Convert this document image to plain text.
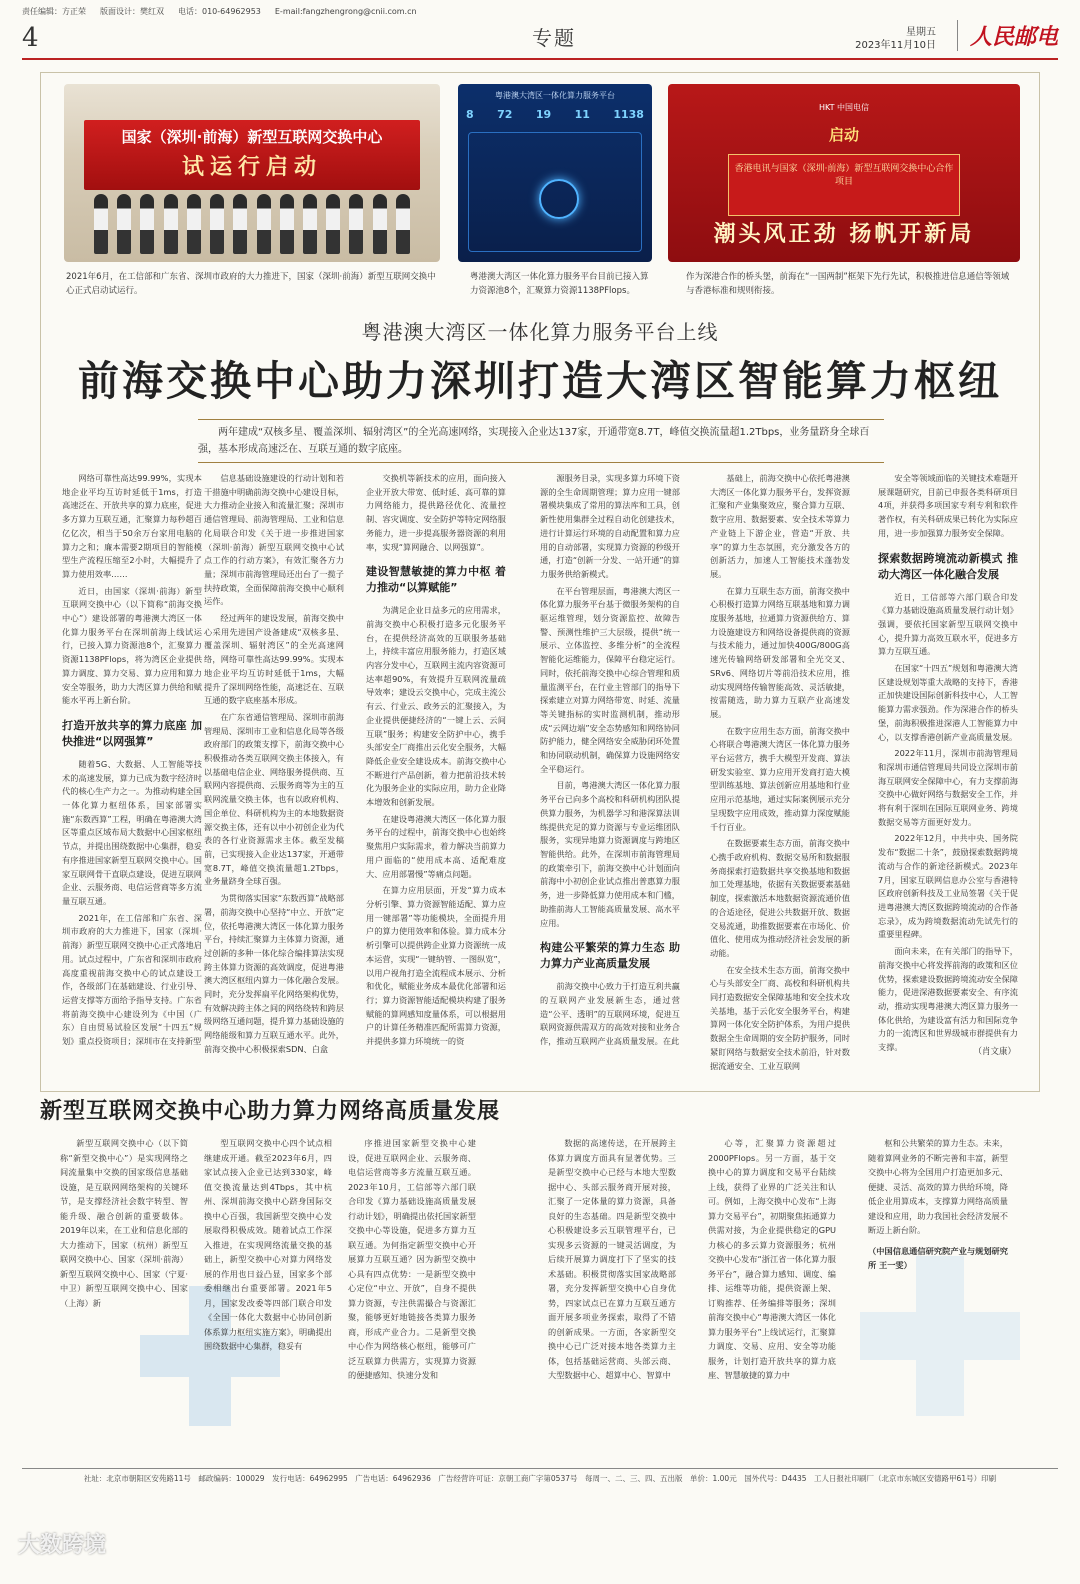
责任编辑：方正荣 版面设计：樊红双 电话：010-64962953 E-mail:fangzhengrong@cnii.com.cn
4	专题	星期五
2023年11月10日	人民邮电
国家（深圳·前海）新型互联网交换中心
试运行启动
粤港澳大湾区一体化算力服务平台
8 72 19 11 1138
HKT 中国电信
启动
香港电讯与国家（深圳·前海）新型互联网交换中心合作项目
潮头风正劲 扬帆开新局
2021年6月，在工信部和广东省、深圳市政府的大力推进下，国家（深圳·前海）新型互联网交换中心正式启动试运行。
粤港澳大湾区一体化算力服务平台目前已接入算力资源池8个，汇聚算力资源1138PFlops。
作为深港合作的桥头堡，前海在“一国两制”框架下先行先试，积极推进信息通信等领域与香港标准和规则衔接。
粤港澳大湾区一体化算力服务平台上线
前海交换中心助力深圳打造大湾区智能算力枢纽
两年建成“双核多星、覆盖深圳、辐射湾区”的全光高速网络，实现接入企业达137家，开通带宽8.7T，峰值交换流量超1.2Tbps，业务量跻身全球百强，基本形成高速泛在、互联互通的数字底座。

网络可靠性高达99.99%，实现本地企业平均互访时延低于1ms，打造高速泛在、开放共享的算力底座，促进多方算力互联互通，汇聚算力每秒超百亿亿次，相当于50余万台家用电脑的算力之和；廉本需要2期项目的智能模型生产流程压缩至2小时，大幅提升了算力使用效率……

近日，由国家（深圳·前海）新型互联网交换中心（以下简称“前海交换中心”）建设部署的粤港澳大湾区一体化算力服务平台在深圳前海上线试运行，已接入算力资源池8个，汇聚算力资源1138PFlops，将为湾区企业提供算力调度、算力交易、算力应用和算力安全等服务，助力大湾区算力供给和赋能水平再上新台阶。

打造开放共享的算力底座 加快推进“以网强算”

随着5G、大数据、人工智能等技术的高速发展，算力已成为数字经济时代的核心生产力之一。为推动构建全国一体化算力枢纽体系，国家部署实施“东数西算”工程，明确在粤港澳大湾区等重点区域布局大数据中心国家枢纽节点，并提出围绕数据中心集群，稳妥有序推进国家新型互联网交换中心。国家互联网骨干直联点建设，促进互联网企业、云服务商、电信运营商等多方流量互联互通。

2021年，在工信部和广东省、深圳市政府的大力推进下，国家（深圳·前海）新型互联网交换中心正式落地启用。试点过程中，广东省和深圳市政府高度重视前海交换中心的试点建设工作，各级部门在基础建设、行业引导、运营支撑等方面给予指导支持。广东省将前海交换中心建设列为《中国（广东）自由贸易试验区发展“十四五”规划》重点投资项目；深圳市在支持新型

信息基础设施建设的行动计划和若干措施中明确前海交换中心建设目标，大力推动企业接入和流量汇聚；深圳市通信管理局、前海管理局、工业和信息化局联合印发《关于进一步推进国家（深圳·前海）新型互联网交换中心试点工作的行动方案》，有效汇聚各方力量；深圳市前海管理局还出台了一揽子扶持政策，全面保障前海交换中心顺利运作。

经过两年的建设发展，前海交换中心采用先进国产设备建成“双核多星、覆盖深圳、辐射湾区”的全光高速网络，网络可靠性高达99.99%。实现本地企业平均互访时延低于1ms，大幅提升了深圳网络性能，高速泛在、互联互通的数字底座基本形成。

在广东省通信管理局、深圳市前海管理局、深圳市工业和信息化局等各级政府部门的政策支撑下，前海交换中心积极推动各类互联网交换主体接入，有以基础电信企业、网络服务提供商、互联网内容提供商、云服务商等为主的互联网流量交换主体，也有以政府机构、国企单位、科研机构为主的本地数据资源交换主体，还有以中小初创企业为代表的各行业资源需求主体。截至发稿前，已实现接入企业达137家，开通带宽8.7T，峰值交换流量超1.2Tbps，业务量跻身全球百强。

为贯彻落实国家“东数西算”战略部署，前海交换中心坚持“中立、开放”定位，依托粤港澳大湾区一体化算力服务平台，持续汇聚算力主体算力资源，通过创新的多种一体化综合编排算法实现跨主体算力资源的高效调度，促进粤港澳大湾区枢纽内算力一体化融合发展。同时，充分发挥扁平化网络架构优势，有效解决跨主体之间的网络绕转和跨层级网络互通问题，提升算力基础设施的网络能级和算力互联互通水平。此外，前海交换中心积极探索SDN、白盒

交换机等新技术的应用，面向接入企业开放大带宽、低时延、高可靠的算力网络能力，提供路径优化、流量控制、容灾调度、安全防护等特定网络服务能力，进一步提高服务器资源的利用率，实现“算网融合、以网强算”。

建设智慧敏捷的算力中枢 着力推动“以算赋能”

为满足企业日益多元的应用需求，前海交换中心积极打造多元化服务平台，在提供经济高效的互联服务基础上，持续丰富应用服务能力，打造区域内容分发中心，互联网主流内容资源可达率超90%，有效提升互联网流量疏导效率；建设云交换中心，完成主流公有云、行业云、政务云的汇聚接入，为企业提供便捷经济的“一键上云、云间互联”服务；构建安全防护中心，携手头部安全厂商推出云化安全服务，大幅降低企业安全建设成本。前海交换中心不断进行产品创新，着力把前沿技术转化为服务企业的实际应用，助力企业降本增效和创新发展。

在建设粤港澳大湾区一体化算力服务平台的过程中，前海交换中心也始终聚焦用户实际需求，着力解决当前算力用户面临的“使用成本高、适配难度大、应用部署慢”等痛点问题。

在算力应用层面，开发“算力成本分析引擎、算力资源智能适配、算力应用一键部署”等功能模块，全面提升用户的算力使用效率和体验。算力成本分析引擎可以提供跨企业算力资源统一成本运营，实现“一键纳管、一图纵览”，以用户视角打造全流程成本展示、分析和优化，赋能业务成本最优化部署和运行；算力资源智能适配模块构建了服务赋能的算网感知度量体系，可以根据用户的计算任务精准匹配所需算力资源，并提供多算力环境统一的资

源服务目录，实现多算力环境下资源的全生命周期管理；算力应用一键部署模块集成了常用的算法库和工具，创新性使用集群全过程自动化创建技术，进行计算运行环境的自动配置和算力应用的自动部署，实现算力资源的秒级开通，打造“创新一分发、一站开通”的算力服务供给新模式。

在平台管理层面，粤港澳大湾区一体化算力服务平台基于微服务架构的自驱运维管理，划分资源监控、故障告警、预测性维护三大层级，提供“统一展示、立体监控、多维分析”的全流程智能化运维能力，保障平台稳定运行。同时，依托前海交换中心综合管理和质量监测平台，在行业主管部门的指导下探索建立对算力网络带宽、时延、流量等关键指标的实时监测机制，推动形成“云网边端”安全态势感知和网络协同防护能力，健全网络安全威胁闭环处置和协同联动机制，确保算力设施网络安全平稳运行。

目前，粤港澳大湾区一体化算力服务平台已向多个高校和科研机构团队提供算力服务，为机器学习和港深算法训练提供充足的算力资源与专业运维团队服务，实现异地算力资源调度与跨地区智能供给。此外，在深圳市前海管理局的政策牵引下，前海交换中心计划面向前海中小初创企业试点推出普惠算力服务，进一步降低算力使用成本和门槛，助推前海人工智能高质量发展、高水平应用。

构建公平繁荣的算力生态 助力算力产业高质量发展

前海交换中心致力于打造互利共赢的互联网产业发展新生态，通过营造“公平、透明”的互联网环境，促进互联网资源供需双方的高效对接和业务合作，推动互联网产业高质量发展。在此

基础上，前海交换中心依托粤港澳大湾区一体化算力服务平台，发挥资源汇聚和产业集聚效应，聚合算力互联、数字应用、数据要素、安全技术等算力产业链上下游企业，营造“开放、共享”的算力生态氛围，充分激发各方的创新活力，加速人工智能技术蓬勃发展。

在算力互联生态方面，前海交换中心积极打造算力网络互联基地和算力调度服务基地，拉通算力资源供给方、算力设施建设方和网络设备提供商的资源与技术能力，通过加快400G/800G高速光传输网络研发部署和全光交叉、SRv6、网络切片等前沿技术应用，推动实现网络传输智能高效、灵活敏捷，按需随选，助力算力互联产业高速发展。

在数字应用生态方面，前海交换中心将联合粤港澳大湾区一体化算力服务平台运营方，携手大模型开发商、算法研发实验室、算力应用开发商打造大模型训练基地、算法创新应用基地和行业应用示范基地，通过实际案例展示充分呈现数字应用成效，推动算力深度赋能千行百业。

在数据要素生态方面，前海交换中心携手政府机构、数据交易所和数据服务商探索打造数据共享交换基地和数据加工处理基地，依据有关数据要素基础制度，探索激活本地数据资源流通价值的合适途径，促进公共数据开放、数据交易流通，助推数据要素在市场化、价值化、使用成为推动经济社会发展的新动能。

在安全技术生态方面，前海交换中心与头部安全厂商、高校和科研机构共同打造数据安全保障基地和安全技术攻关基地，基于云化安全服务平台，构建算网一体化安全防护体系，为用户提供数据全生命周期的安全防护服务，同时紧盯网络与数据安全技术前沿，针对数据流通安全、工业互联网

安全等领域面临的关键技术难题开展课题研究，目前已申报各类科研项目4项，并获得多项国家专利专利和软件著作权，有关科研成果已转化为实际应用，进一步加强算力服务安全保障。

探索数据跨境流动新模式 推动大湾区一体化融合发展

近日，工信部等六部门联合印发《算力基础设施高质量发展行动计划》强调，要依托国家新型互联网交换中心，提升算力高效互联水平，促进多方算力互联互通。

在国家“十四五”规划和粤港澳大湾区建设规划等重大战略的支持下，香港正加快建设国际创新科技中心，人工智能算力需求强劲。作为深港合作的桥头堡，前海积极推进深港人工智能算力中心，以支撑香港创新产业高质量发展。

2022年11月，深圳市前海管理局和深圳市通信管理局共同设立深圳市前海互联网安全保障中心，有力支撑前海交换中心做好网络与数据安全工作，并将有利于深圳在国际互联网业务、跨境数据交易等方面更好发力。

2022年12月，中共中央、国务院发布“数据二十条”，鼓励探索数据跨境流动与合作的新途径新模式。2023年7月，国家互联网信息办公室与香港特区政府创新科技及工业局签署《关于促进粤港澳大湾区数据跨境流动的合作备忘录》，成为跨境数据流动先试先行的重要里程碑。

面向未来，在有关部门的指导下，前海交换中心将发挥前海的政策和区位优势，探索建设数据跨境流动安全保障能力，促进深港数据要素安全、有序流动，推动实现粤港澳大湾区算力服务一体化供给，为建设富有活力和国际竞争力的一流湾区和世界级城市群提供有力支撑。

（肖文康）
新型互联网交换中心助力算力网络高质量发展

新型互联网交换中心（以下简称“新型交换中心”）是实现网络之间流量集中交换的国家级信息基础设施，是互联网网络架构的关键环节，是支撑经济社会数字转型、智能升级、融合创新的重要载体。2019年以来，在工业和信息化部的大力推动下，国家（杭州）新型互联网交换中心、国家（深圳·前海）新型互联网交换中心、国家（宁夏·中卫）新型互联网交换中心、国家（上海）新

型互联网交换中心四个试点相继建成开通。截至2023年6月，四家试点接入企业已达到330家，峰值交换流量达到4Tbps，其中杭州、深圳前海交换中心跻身国际交换中心百强，我国新型交换中心发展取得积极成效。随着试点工作深入推进，在实现网络流量交换的基础上，新型交换中心对算力网络发展的作用也日益凸显，国家多个部委相继出台重要部署。2021年5月，国家发改委等四部门联合印发《全国一体化大数据中心协同创新体系算力枢纽实施方案》，明确提出围绕数据中心集群，稳妥有

序推进国家新型交换中心建设，促进互联网企业、云服务商、电信运营商等多方流量互联互通。2023年10月，工信部等六部门联合印发《算力基础设施高质量发展行动计划》，明确提出依托国家新型交换中心等设施，促进多方算力互联互通。为何指定新型交换中心开展算力互联互通？因为新型交换中心具有四点优势：一是新型交换中心定位“中立、开放”，自身不提供算力资源，专注供需撮合与资源汇聚，能够更好地链接各类算力服务商，形成产业合力。二是新型交换中心作为网络核心枢纽，能够可广泛互联算力供需方，实现算力资源的便捷感知、快速分发和

数据的高速传送，在开展跨主体算力调度方面具有显著优势。三是新型交换中心已经与本地大型数据中心、头部云服务商开展对接，汇聚了一定体量的算力资源，具备良好的生态基础。四是新型交换中心积极建设多云互联管理平台，已实现多云资源的一键灵活调度，为后续开展算力调度打下了坚实的技术基础。积极贯彻落实国家战略部署，充分发挥新型交换中心自身优势，四家试点已在算力互联互通方面开展多项业务探索，取得了不错的创新成果。一方面，各家新型交换中心已广泛对接本地各类算力主体，包括基础运营商、头部云商、大型数据中心、超算中心、智算中

心等，汇聚算力资源超过2000PFlops。另一方面，基于交换中心的算力调度和交易平台陆续上线，获得了业界的广泛关注和认可。例如，上海交换中心发布“上海算力交易平台”，初期聚焦拓通算力供需对接，为企业提供稳定的GPU力核心的多云算力资源服务；杭州交换中心发布“浙江省一体化算力服务平台”，融合算力感知、调度、编排、运维等功能，提供资源上架、订购推荐、任务编排等服务；深圳前海交换中心“粤港澳大湾区一体化算力服务平台”上线试运行，汇聚算力调度、交易、应用、安全等功能服务，计划打造开放共享的算力底座、智慧敏捷的算力中

枢和公共繁荣的算力生态。未来，随着算网业务的不断完善和丰富，新型交换中心将为全国用户打造更加多元、便捷、灵活、高效的算力供给环境，降低企业用算成本，支撑算力网络高质量建设和应用，助力我国社会经济发展不断迈上新台阶。

（中国信息通信研究院产业与规划研究所 王一雯）
社址：北京市朝阳区安苑路11号　邮政编码：100029　发行电话：64962995　广告电话：64962936　广告经营许可证：京朝工商广字第0537号　每周一、二、三、四、五出版　单价：1.00元　国外代号：D4435　工人日报社印刷厂（北京市东城区安德路甲61号）印刷
大数跨境
